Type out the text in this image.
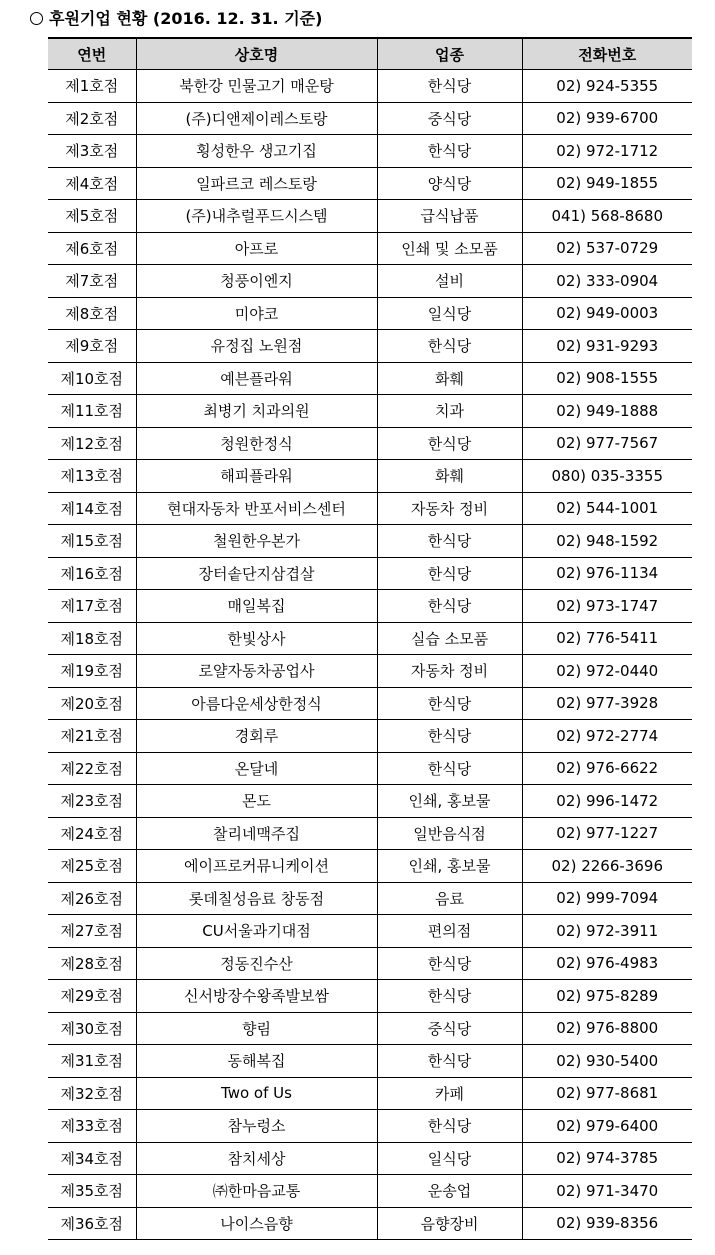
후원기업 현황 (2016. 12. 31. 기준)
연번	상호명	업종	전화번호
제1호점	북한강 민물고기 매운탕	한식당	02) 924-5355
제2호점	(주)디앤제이레스토랑	중식당	02) 939-6700
제3호점	횡성한우 생고기집	한식당	02) 972-1712
제4호점	일파르코 레스토랑	양식당	02) 949-1855
제5호점	(주)내추럴푸드시스템	급식납품	041) 568-8680
제6호점	아프로	인쇄 및 소모품	02) 537-0729
제7호점	청풍이엔지	설비	02) 333-0904
제8호점	미야코	일식당	02) 949-0003
제9호점	유정집 노원점	한식당	02) 931-9293
제10호점	예븐플라워	화훼	02) 908-1555
제11호점	최병기 치과의원	치과	02) 949-1888
제12호점	청원한정식	한식당	02) 977-7567
제13호점	해피플라워	화훼	080) 035-3355
제14호점	현대자동차 반포서비스센터	자동차 정비	02) 544-1001
제15호점	철원한우본가	한식당	02) 948-1592
제16호점	장터솥단지삼겹살	한식당	02) 976-1134
제17호점	매일복집	한식당	02) 973-1747
제18호점	한빛상사	실습 소모품	02) 776-5411
제19호점	로얄자동차공업사	자동차 정비	02) 972-0440
제20호점	아름다운세상한정식	한식당	02) 977-3928
제21호점	경회루	한식당	02) 972-2774
제22호점	온달네	한식당	02) 976-6622
제23호점	몬도	인쇄, 홍보물	02) 996-1472
제24호점	찰리네맥주집	일반음식점	02) 977-1227
제25호점	에이프로커뮤니케이션	인쇄, 홍보물	02) 2266-3696
제26호점	롯데칠성음료 창동점	음료	02) 999-7094
제27호점	CU서울과기대점	편의점	02) 972-3911
제28호점	정동진수산	한식당	02) 976-4983
제29호점	신서방장수왕족발보쌈	한식당	02) 975-8289
제30호점	향림	중식당	02) 976-8800
제31호점	동해복집	한식당	02) 930-5400
제32호점	Two of Us	카페	02) 977-8681
제33호점	참누렁소	한식당	02) 979-6400
제34호점	참치세상	일식당	02) 974-3785
제35호점	㈜한마음교통	운송업	02) 971-3470
제36호점	나이스음향	음향장비	02) 939-8356
